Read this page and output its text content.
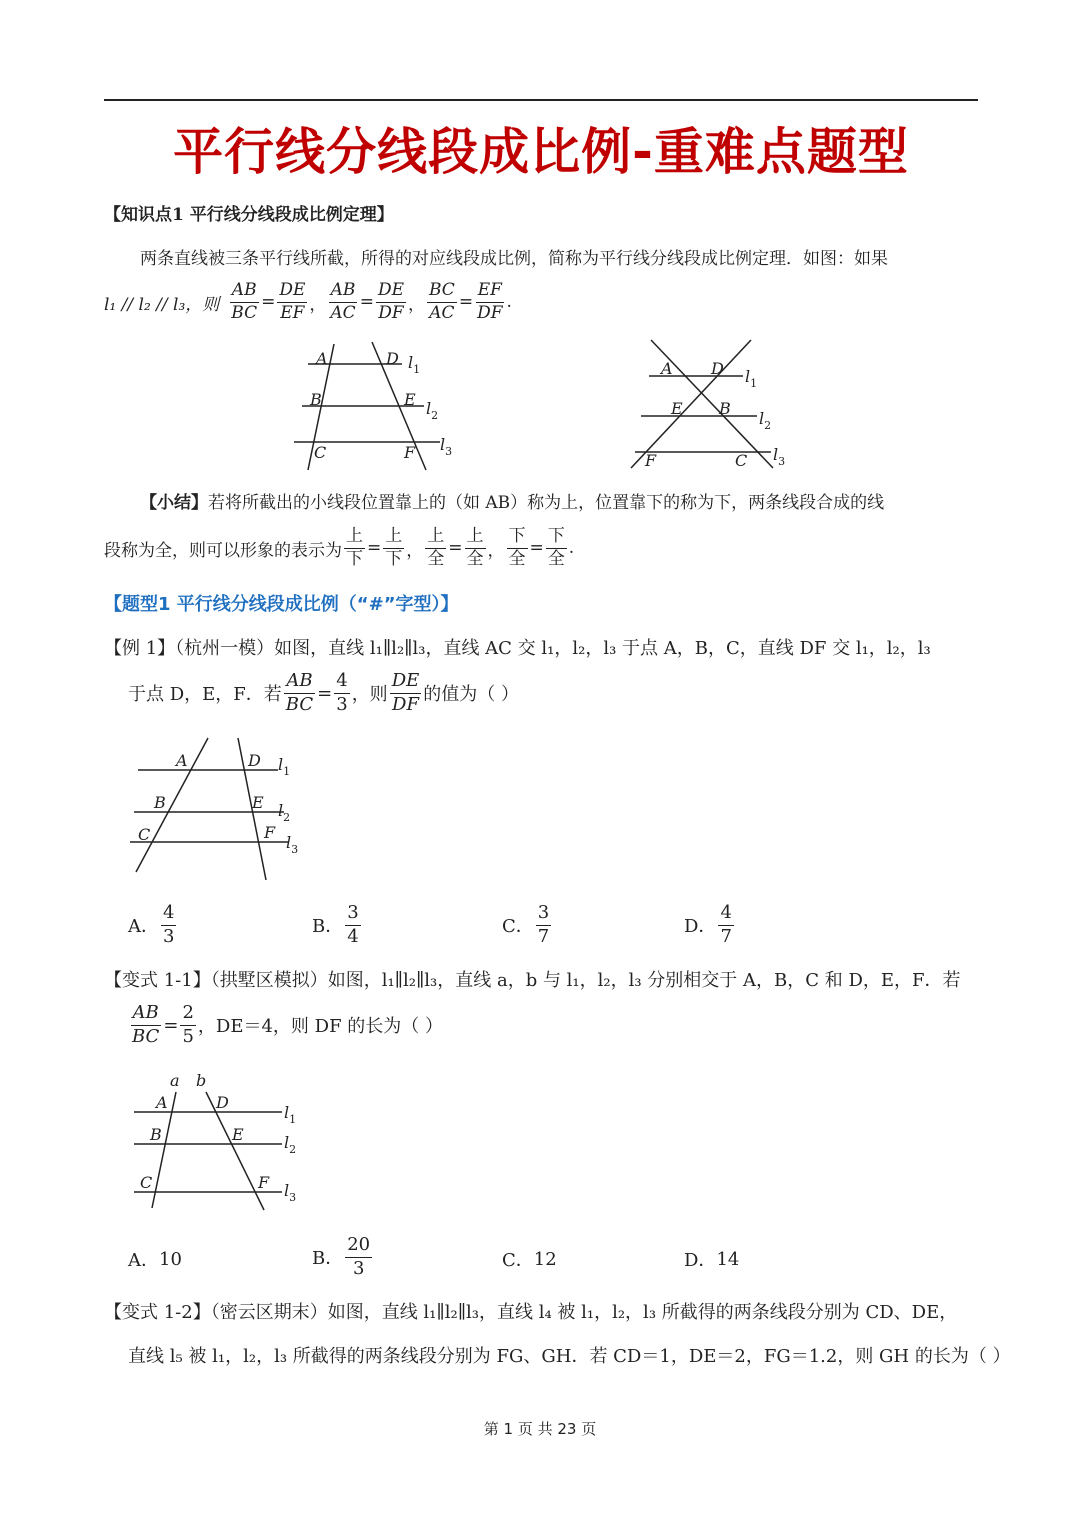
平行线分线段成比例-重难点题型
【知识点1 平行线分线段成比例定理】
两条直线被三条平行线所截，所得的对应线段成比例，简称为平行线分线段成比例定理．如图：如果
l₁ // l₂ // l₃，则 $\frac{AB}{BC} = \frac{DE}{EF}$ ， $\frac{AB}{AC} = \frac{DE}{DF}$ ， $\frac{BC}{AC} = \frac{EF}{DF}$ .
A	D $l_1$
B	E $l_2$
C	F $l_3$
A D $l_1$
E B
$l_2$
F	C $l_3$
【小结】 若将所截出的小线段位置靠上的（如 AB）称为上，位置靠下的称为下，两条线段合成的线
段称为全，则可以形象的表示为 $\frac{\text{上}}{\text{下}} = \frac{\text{上}}{\text{下}}$ ， $\frac{\text{上}}{\text{全}} = \frac{\text{上}}{\text{全}}$ ， $\frac{\text{下}}{\text{全}} = \frac{\text{下}}{\text{全}}$ .
【题型1 平行线分线段成比例（“#”字型）】
【例 1】（杭州一模）如图，直线 l₁∥l₂∥l₃，直线 AC 交 l₁，l₂，l₃ 于点 A，B，C，直线 DF 交 l₁，l₂，l₃
于点 D，E，F．若 $\frac{AB}{BC} = \frac{4}{3}$ ，则 $\frac{DE}{DF}$ 的值为（ ）
A	D $l_1$
B	E $l_2$
C	F
$l_3$
A． $\frac{4}{3}$	B． $\frac{3}{4}$	C． $\frac{3}{7}$	D． $\frac{4}{7}$
【变式 1-1】（拱墅区模拟）如图，l₁∥l₂∥l₃，直线 a，b 与 l₁，l₂，l₃ 分别相交于 A，B，C 和 D，E，F．若
$\frac{AB}{BC} = \frac{2}{5}$ ，DE＝4，则 DF 的长为（ ）
a b
A	D
$l_1$
B	E	$l_2$
C	F $l_3$
A． 10	B． $\frac{20}{3}$	C． 12	D． 14
【变式 1-2】（密云区期末）如图，直线 l₁∥l₂∥l₃，直线 l₄ 被 l₁，l₂，l₃ 所截得的两条线段分别为 CD、DE，
直线 l₅ 被 l₁，l₂，l₃ 所截得的两条线段分别为 FG、GH．若 CD＝1，DE＝2，FG＝1.2，则 GH 的长为（ ）
第 1 页 共 23 页
